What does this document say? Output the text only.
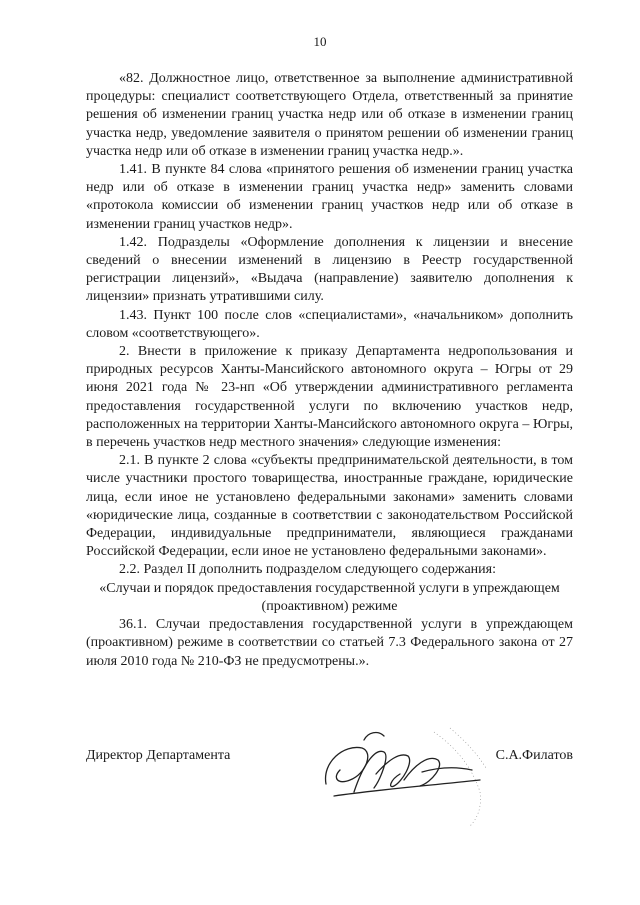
10

«82. Должностное лицо, ответственное за выполнение административной процедуры: специалист соответствующего Отдела, ответственный за принятие решения об изменении границ участка недр или об отказе в изменении границ участка недр, уведомление заявителя о принятом решении об изменении границ участка недр или об отказе в изменении границ участка недр.».

1.41. В пункте 84 слова «принятого решения об изменении границ участка недр или об отказе в изменении границ участка недр» заменить словами «протокола комиссии об изменении границ участков недр или об отказе в изменении границ участков недр».

1.42. Подразделы «Оформление дополнения к лицензии и внесение сведений о внесении изменений в лицензию в Реестр государственной регистрации лицензий», «Выдача (направление) заявителю дополнения к лицензии» признать утратившими силу.

1.43. Пункт 100 после слов «специалистами», «начальником» дополнить словом «соответствующего».

2. Внести в приложение к приказу Департамента недропользования и природных ресурсов Ханты-Мансийского автономного округа – Югры от 29 июня 2021 года № 23-нп «Об утверждении административного регламента предоставления государственной услуги по включению участков недр, расположенных на территории Ханты-Мансийского автономного округа – Югры, в перечень участков недр местного значения» следующие изменения:

2.1. В пункте 2 слова «субъекты предпринимательской деятельности, в том числе участники простого товарищества, иностранные граждане, юридические лица, если иное не установлено федеральными законами» заменить словами «юридические лица, созданные в соответствии с законодательством Российской Федерации, индивидуальные предприниматели, являющиеся гражданами Российской Федерации, если иное не установлено федеральными законами».

2.2. Раздел II дополнить подразделом следующего содержания:

«Случаи и порядок предоставления государственной услуги в упреждающем (проактивном) режиме

36.1. Случаи предоставления государственной услуги в упреждающем (проактивном) режиме в соответствии со статьей 7.3 Федерального закона от 27 июля 2010 года № 210-ФЗ не предусмотрены.».

Директор Департамента	С.А.Филатов
